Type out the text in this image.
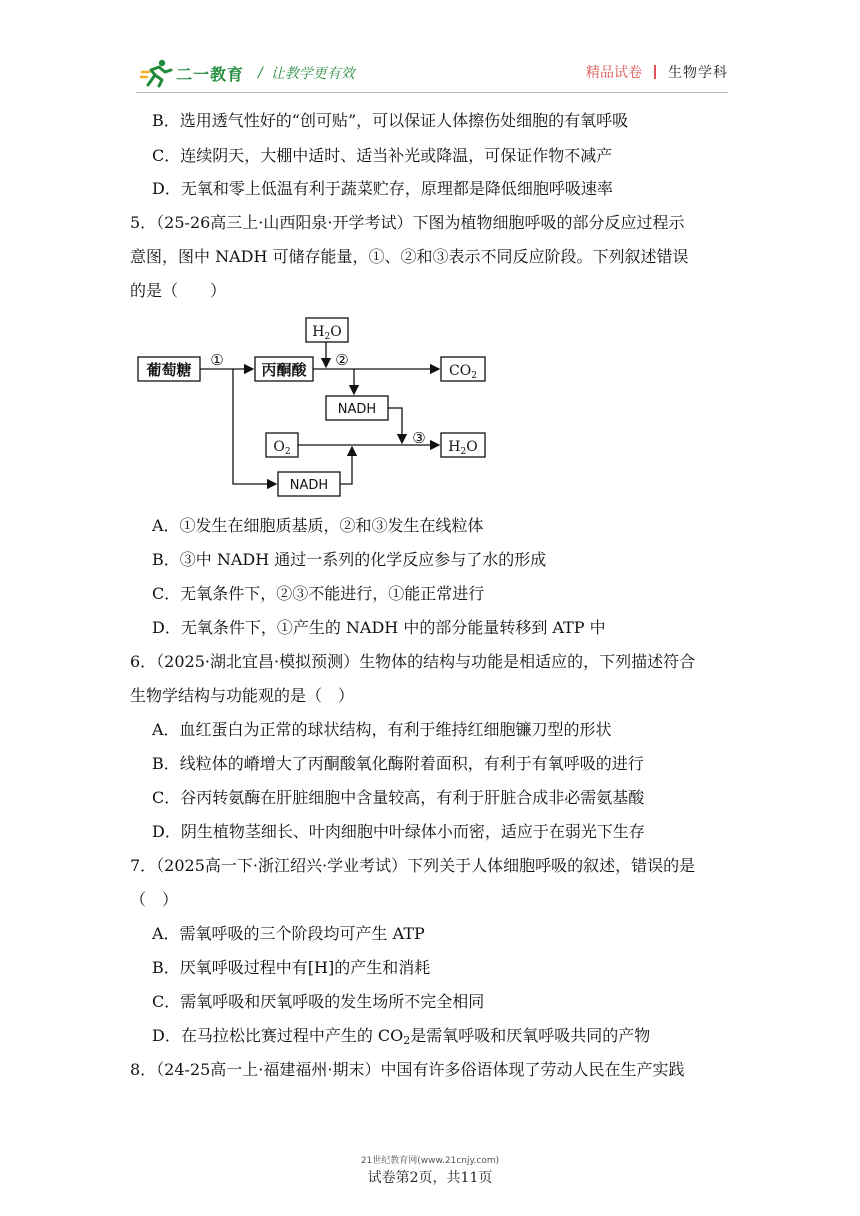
二一教育 / 让教学更有效	精品试卷 生物学科
B．选用透气性好的“创可贴”，可以保证人体擦伤处细胞的有氧呼吸
C．连续阴天，大棚中适时、适当补光或降温，可保证作物不减产
D．无氧和零上低温有利于蔬菜贮存，原理都是降低细胞呼吸速率
5．（25-26高三上·山西阳泉·开学考试）下图为植物细胞呼吸的部分反应过程示
意图，图中 NADH 可储存能量，①、②和③表示不同反应阶段。下列叙述错误
的是（　　）
葡萄糖	丙酮酸
$H_2O$
$CO_2$
NADH
$O_2$	$H_2O$
NADH
①	②
③
A．①发生在细胞质基质，②和③发生在线粒体
B．③中 NADH 通过一系列的化学反应参与了水的形成
C．无氧条件下，②③不能进行，①能正常进行
D．无氧条件下，①产生的 NADH 中的部分能量转移到 ATP 中
6．（2025·湖北宜昌·模拟预测）生物体的结构与功能是相适应的，下列描述符合
生物学结构与功能观的是（　）
A．血红蛋白为正常的球状结构，有利于维持红细胞镰刀型的形状
B．线粒体的嵴增大了丙酮酸氧化酶附着面积，有利于有氧呼吸的进行
C．谷丙转氨酶在肝脏细胞中含量较高，有利于肝脏合成非必需氨基酸
D．阴生植物茎细长、叶肉细胞中叶绿体小而密，适应于在弱光下生存
7．（2025高一下·浙江绍兴·学业考试）下列关于人体细胞呼吸的叙述，错误的是
（　）
A．需氧呼吸的三个阶段均可产生 ATP
B．厌氧呼吸过程中有[H]的产生和消耗
C．需氧呼吸和厌氧呼吸的发生场所不完全相同
D．在马拉松比赛过程中产生的 $CO_2$是需氧呼吸和厌氧呼吸共同的产物
8．（24-25高一上·福建福州·期末）中国有许多俗语体现了劳动人民在生产实践
21世纪教育网(www.21cnjy.com)
试卷第2页，共11页
